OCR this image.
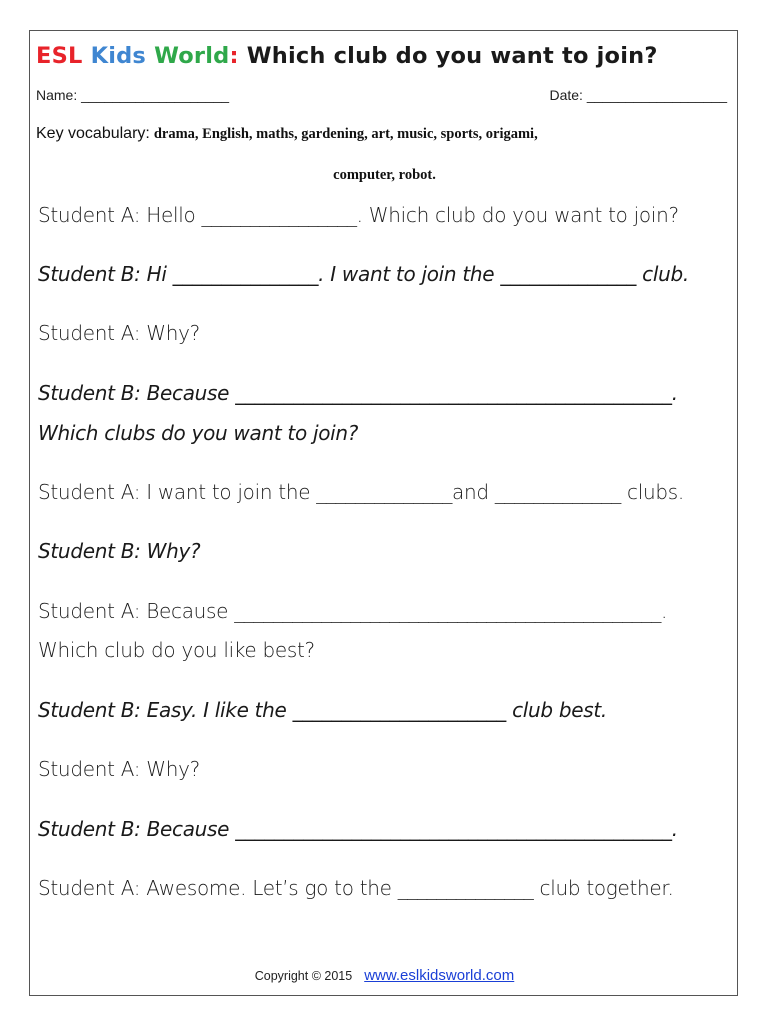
ESL Kids World: Which club do you want to join?
Name: ___________________	Date: __________________
Key vocabulary: drama, English, maths, gardening, art, music, sports, origami,
computer, robot.
Student A: Hello ________________. Which club do you want to join?
Student B: Hi _______________. I want to join the ______________ club.
Student A: Why?
Student B: Because _____________________________________________.
Which clubs do you want to join?
Student A: I want to join the ______________and _____________ clubs.
Student B: Why?
Student A: Because ____________________________________________.
Which club do you like best?
Student B: Easy. I like the ______________________ club best.
Student A: Why?
Student B: Because _____________________________________________.
Student A: Awesome. Let’s go to the ______________ club together.
Copyright © 2015 www.eslkidsworld.com
